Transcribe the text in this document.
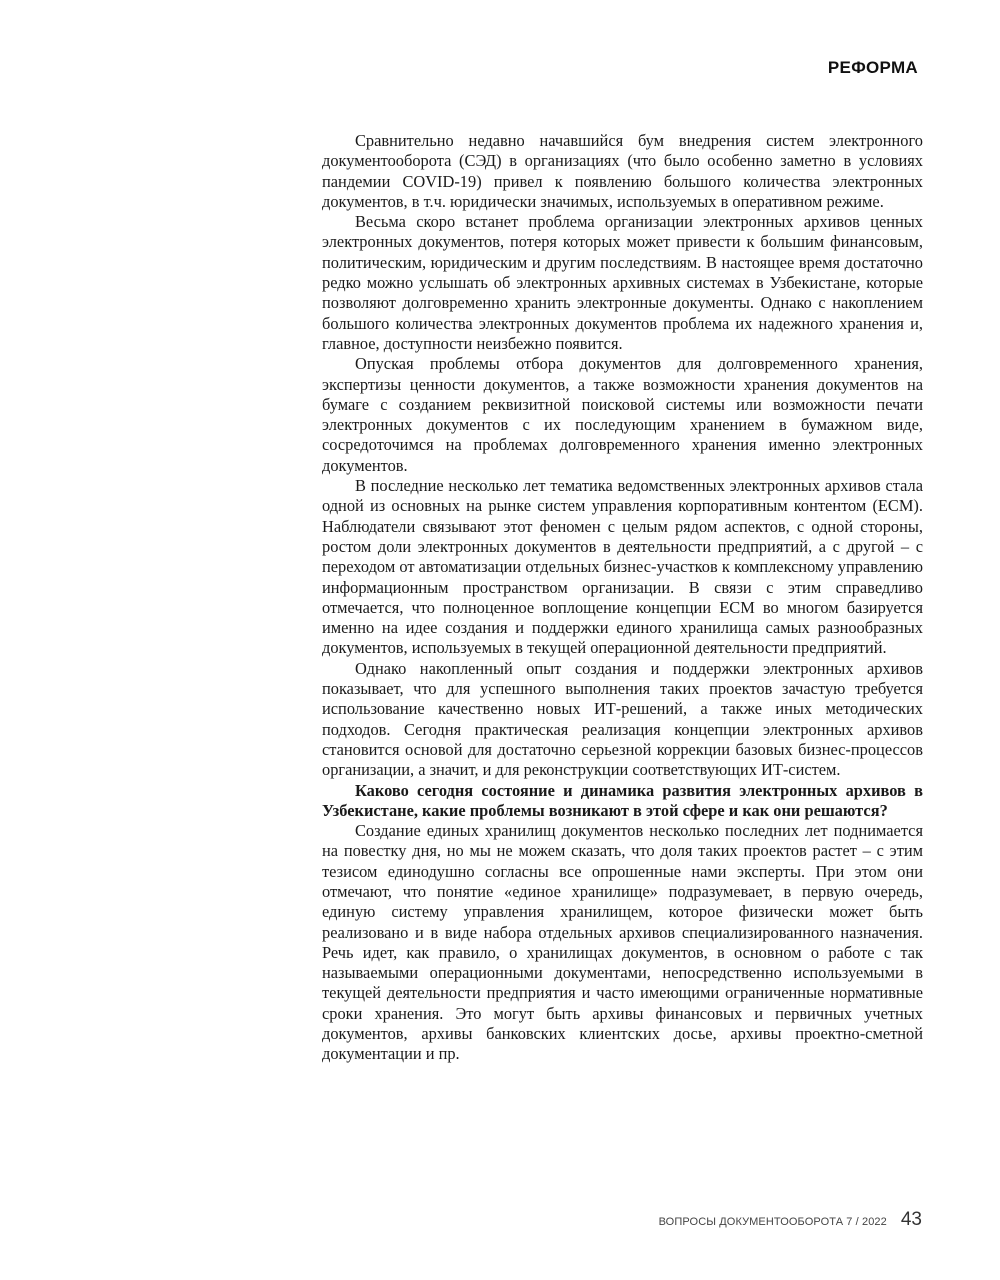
РЕФОРМА

Сравнительно недавно начавшийся бум внедрения систем электронного документооборота (СЭД) в организациях (что было особенно заметно в условиях пандемии COVID-19) привел к появлению большого количества электронных документов, в т.ч. юридически значимых, используемых в оперативном режиме.

Весьма скоро встанет проблема организации электронных архивов ценных электронных документов, потеря которых может привести к большим финансовым, политическим, юридическим и другим последствиям. В настоящее время достаточно редко можно услышать об электронных архивных системах в Узбекистане, которые позволяют долговременно хранить электронные документы. Однако с накоплением большого количества электронных документов проблема их надежного хранения и, главное, доступности неизбежно появится.

Опуская проблемы отбора документов для долговременного хранения, экспертизы ценности документов, а также возможности хранения документов на бумаге с созданием реквизитной поисковой системы или возможности печати электронных документов с их последующим хранением в бумажном виде, сосредоточимся на проблемах долговременного хранения именно электронных документов.

В последние несколько лет тематика ведомственных электронных архивов стала одной из основных на рынке систем управления корпоративным контентом (ECM). Наблюдатели связывают этот феномен с целым рядом аспектов, с одной стороны, ростом доли электронных документов в деятельности предприятий, а с другой – с переходом от автоматизации отдельных бизнес-участков к комплексному управлению информационным пространством организации. В связи с этим справедливо отмечается, что полноценное воплощение концепции ECM во многом базируется именно на идее создания и поддержки единого хранилища самых разнообразных документов, используемых в текущей операционной деятельности предприятий.

Однако накопленный опыт создания и поддержки электронных архивов показывает, что для успешного выполнения таких проектов зачастую требуется использование качественно новых ИТ-решений, а также иных методических подходов. Сегодня практическая реализация концепции электронных архивов становится основой для достаточно серьезной коррекции базовых бизнес-процессов организации, а значит, и для реконструкции соответствующих ИТ-систем.

Каково сегодня состояние и динамика развития электронных архивов в Узбекистане, какие проблемы возникают в этой сфере и как они решаются?

Создание единых хранилищ документов несколько последних лет поднимается на повестку дня, но мы не можем сказать, что доля таких проектов растет – с этим тезисом единодушно согласны все опрошенные нами эксперты. При этом они отмечают, что понятие «единое хранилище» подразумевает, в первую очередь, единую систему управления хранилищем, которое физически может быть реализовано и в виде набора отдельных архивов специализированного назначения. Речь идет, как правило, о хранилищах документов, в основном о работе с так называемыми операционными документами, непосредственно используемыми в текущей деятельности предприятия и часто имеющими ограниченные нормативные сроки хранения. Это могут быть архивы финансовых и первичных учетных документов, архивы банковских клиентских досье, архивы проектно-сметной документации и пр.

ВОПРОСЫ ДОКУМЕНТООБОРОТА 7 / 2022 43
